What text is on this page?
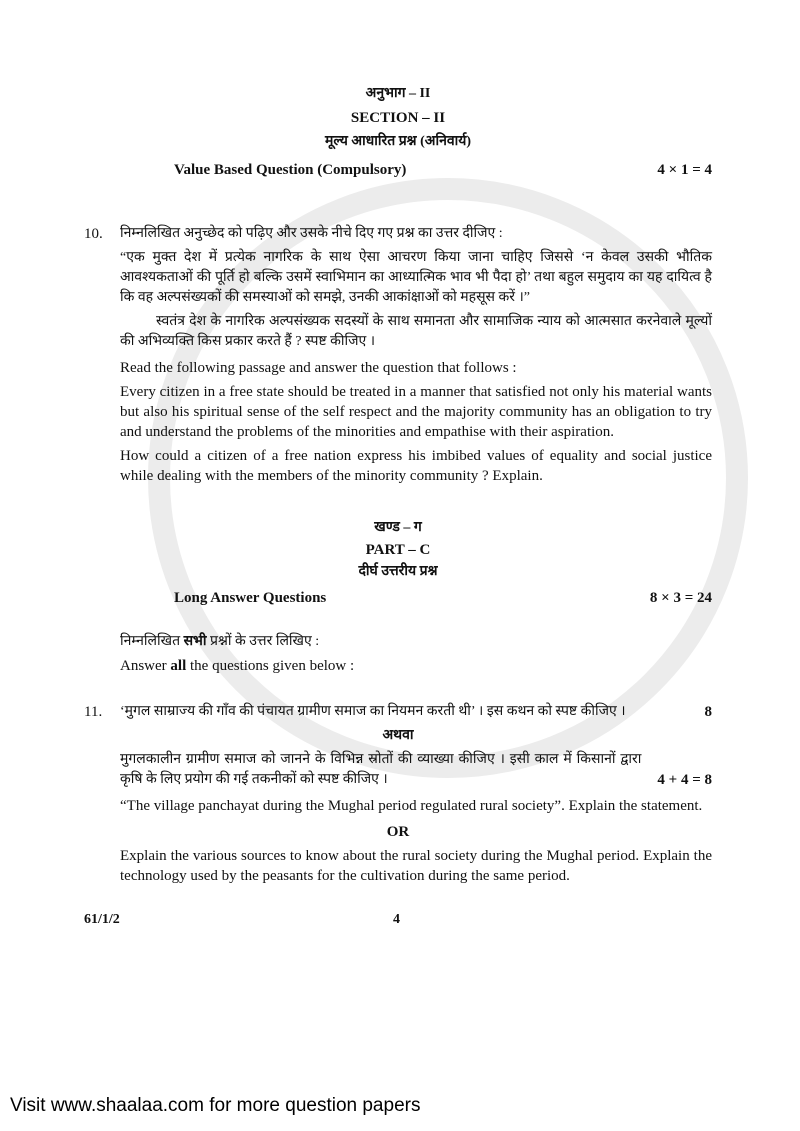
अनुभाग – II
SECTION – II
मूल्य आधारित प्रश्न (अनिवार्य)
Value Based Question (Compulsory)	4 × 1 = 4
10.	निम्नलिखित अनुच्छेद को पढ़िए और उसके नीचे दिए गए प्रश्न का उत्तर दीजिए :
“एक मुक्त देश में प्रत्येक नागरिक के साथ ऐसा आचरण किया जाना चाहिए जिससे ‘न केवल उसकी भौतिक आवश्यकताओं की पूर्ति हो बल्कि उसमें स्वाभिमान का आध्यात्मिक भाव भी पैदा हो’ तथा बहुल समुदाय का यह दायित्व है कि वह अल्पसंख्यकों की समस्याओं को समझे, उनकी आकांक्षाओं को महसूस करें ।”
स्वतंत्र देश के नागरिक अल्पसंख्यक सदस्यों के साथ समानता और सामाजिक न्याय को आत्मसात करनेवाले मूल्यों की अभिव्यक्ति किस प्रकार करते हैं ? स्पष्ट कीजिए ।
Read the following passage and answer the question that follows :
Every citizen in a free state should be treated in a manner that satisfied not only his material wants but also his spiritual sense of the self respect and the majority community has an obligation to try and understand the problems of the minorities and empathise with their aspiration.
How could a citizen of a free nation express his imbibed values of equality and social justice while dealing with the members of the minority community ? Explain.
खण्ड – ग
PART – C
दीर्घ उत्तरीय प्रश्न
Long Answer Questions	8 × 3 = 24
निम्नलिखित सभी प्रश्नों के उत्तर लिखिए :
Answer all the questions given below :
11.	‘मुगल साम्राज्य की गाँव की पंचायत ग्रामीण समाज का नियमन करती थी’ । इस कथन को स्पष्ट कीजिए ।	8
अथवा
मुगलकालीन ग्रामीण समाज को जानने के विभिन्न स्रोतों की व्याख्या कीजिए । इसी काल में किसानों द्वारा कृषि के लिए प्रयोग की गई तकनीकों को स्पष्ट कीजिए ।	4 + 4 = 8
“The village panchayat during the Mughal period regulated rural society”. Explain the statement.
OR
Explain the various sources to know about the rural society during the Mughal period. Explain the technology used by the peasants for the cultivation during the same period.
61/1/2	4
Visit www.shaalaa.com for more question papers
